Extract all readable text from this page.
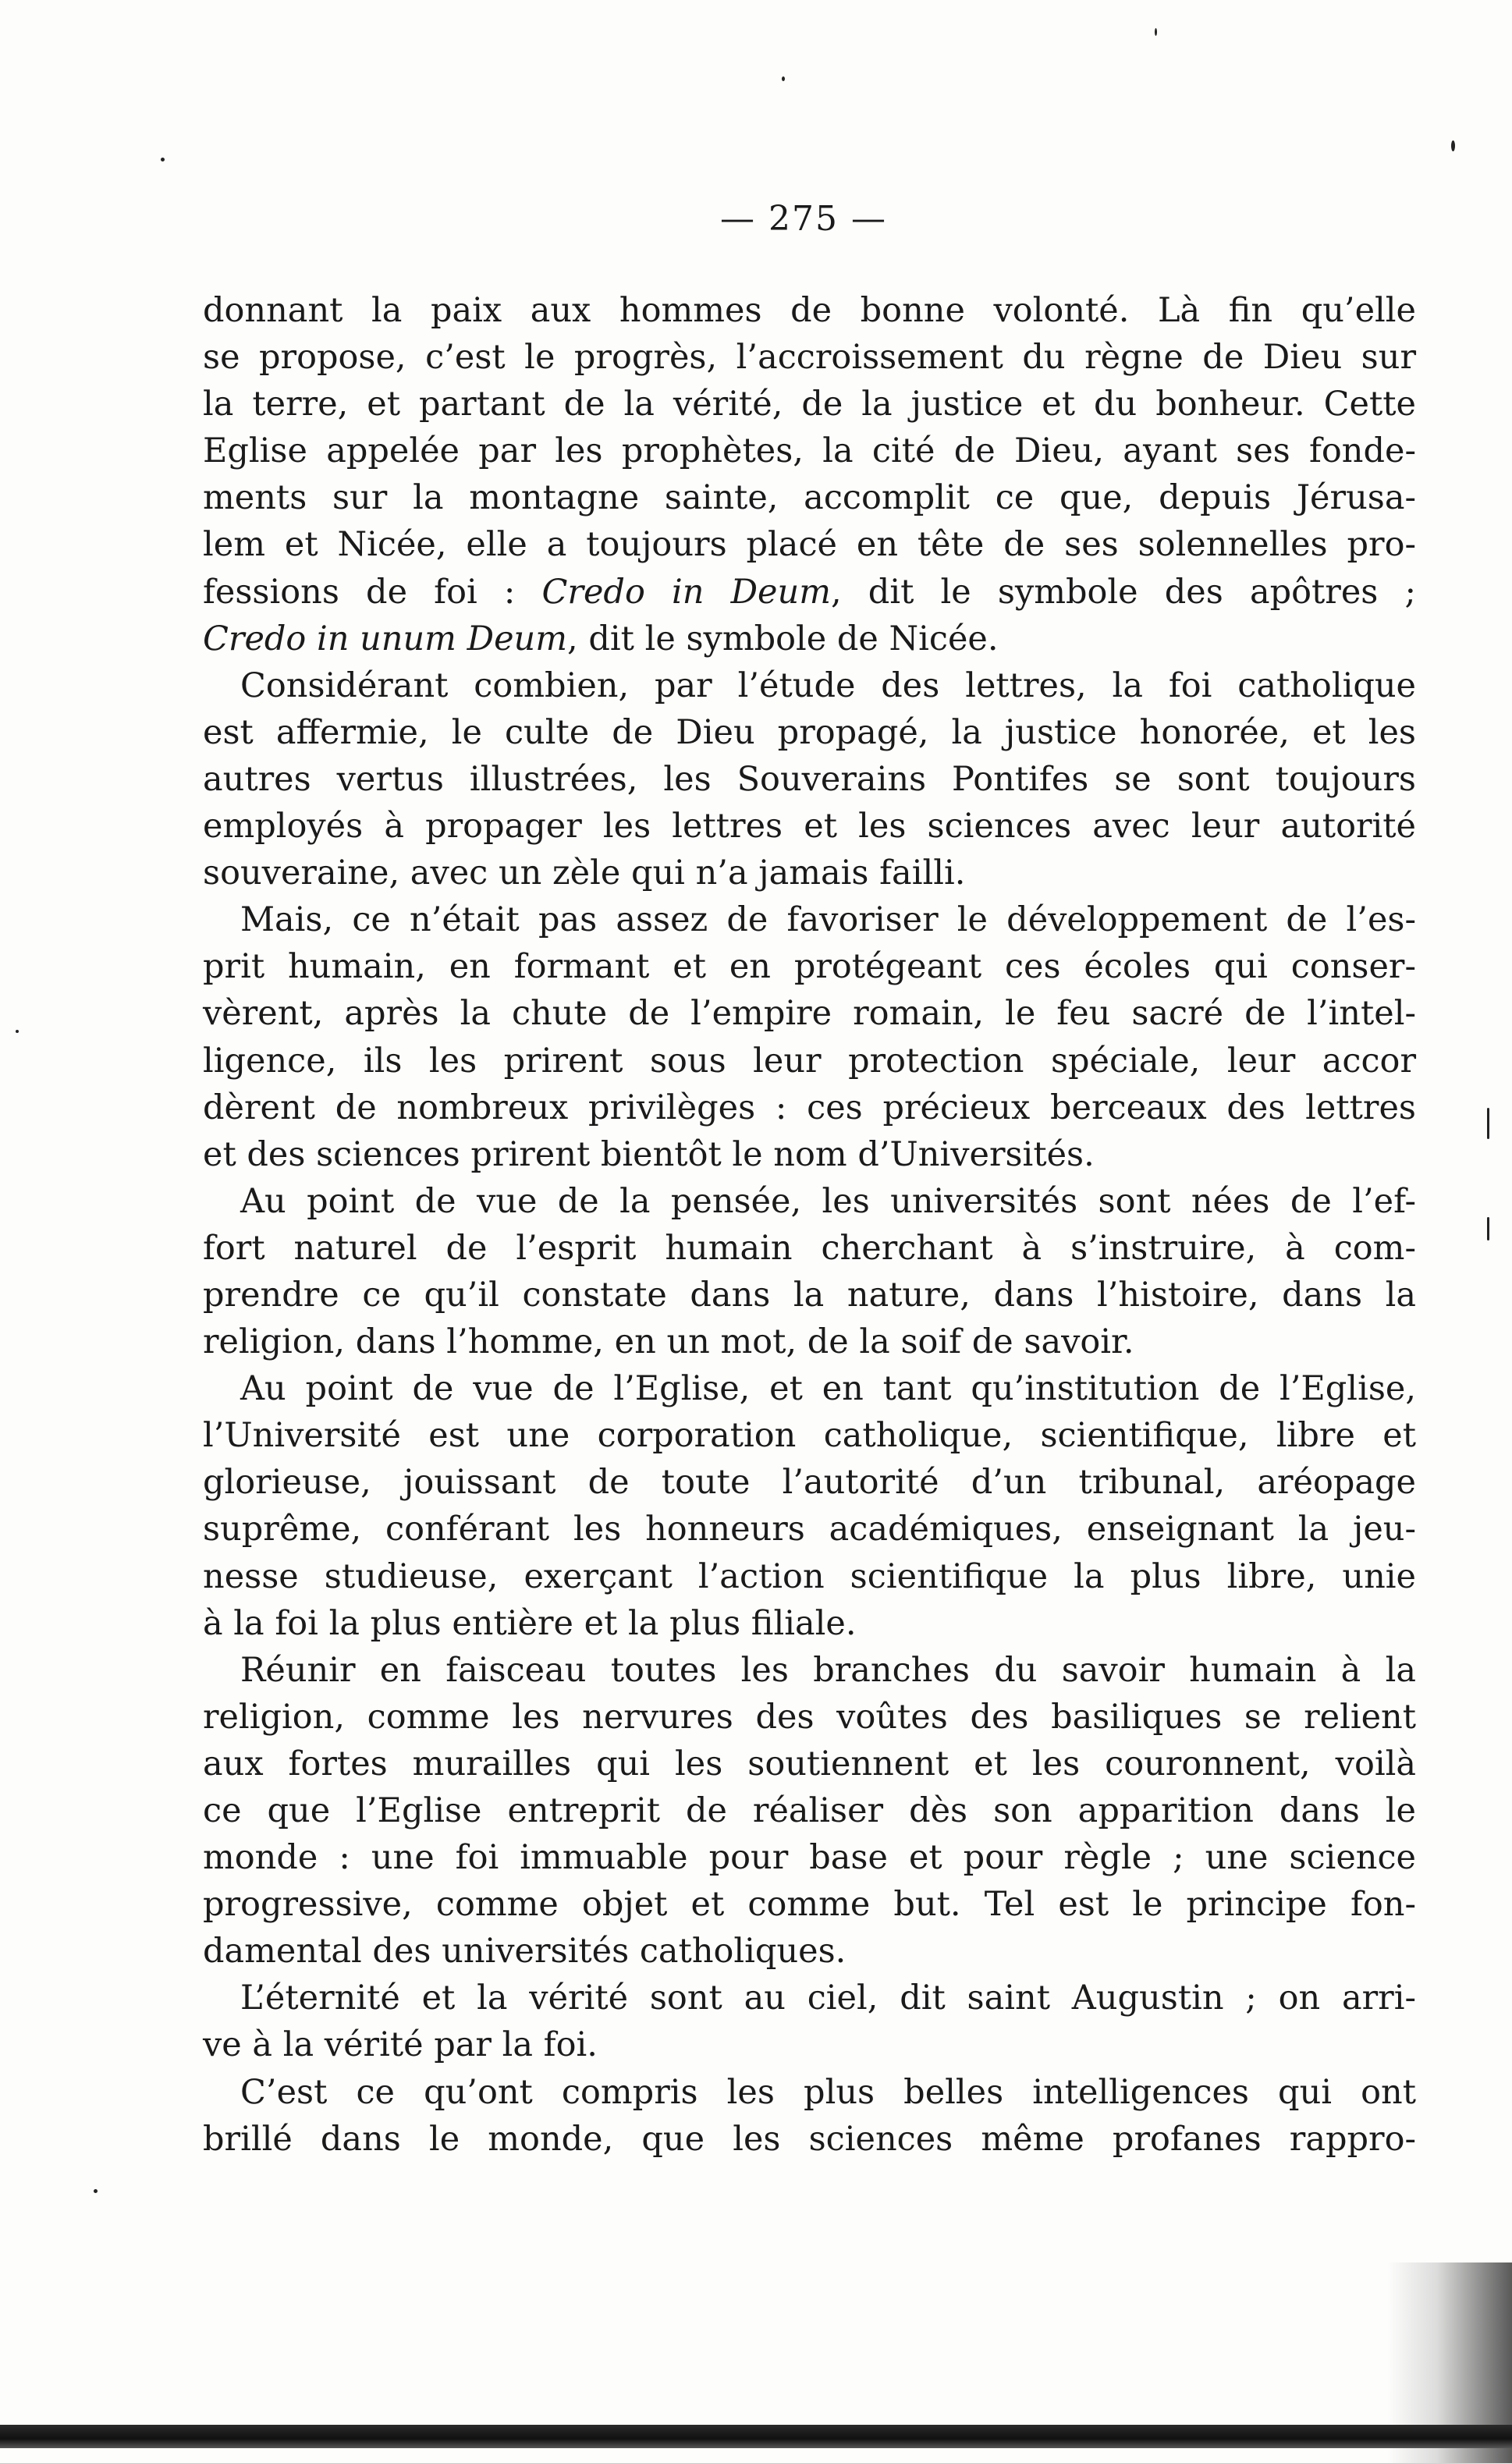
— 275 —
donnant la paix aux hommes de bonne volonté. Là fin qu’elle
se propose, c’est le progrès, l’accroissement du règne de Dieu sur
la terre, et partant de la vérité, de la justice et du bonheur. Cette
Eglise appelée par les prophètes, la cité de Dieu, ayant ses fonde-
ments sur la montagne sainte, accomplit ce que, depuis Jérusa-
lem et Nicée, elle a toujours placé en tête de ses solennelles pro-
fessions de foi : Credo in Deum, dit le symbole des apôtres ;
Credo in unum Deum, dit le symbole de Nicée.
Considérant combien, par l’étude des lettres, la foi catholique
est affermie, le culte de Dieu propagé, la justice honorée, et les
autres vertus illustrées, les Souverains Pontifes se sont toujours
employés à propager les lettres et les sciences avec leur autorité
souveraine, avec un zèle qui n’a jamais failli.
Mais, ce n’était pas assez de favoriser le développement de l’es-
prit humain, en formant et en protégeant ces écoles qui conser-
vèrent, après la chute de l’empire romain, le feu sacré de l’intel-
ligence, ils les prirent sous leur protection spéciale, leur accor
dèrent de nombreux privilèges : ces précieux berceaux des lettres
et des sciences prirent bientôt le nom d’Universités.
Au point de vue de la pensée, les universités sont nées de l’ef-
fort naturel de l’esprit humain cherchant à s’instruire, à com-
prendre ce qu’il constate dans la nature, dans l’histoire, dans la
religion, dans l’homme, en un mot, de la soif de savoir.
Au point de vue de l’Eglise, et en tant qu’institution de l’Eglise,
l’Université est une corporation catholique, scientifique, libre et
glorieuse, jouissant de toute l’autorité d’un tribunal, aréopage
suprême, conférant les honneurs académiques, enseignant la jeu-
nesse studieuse, exerçant l’action scientifique la plus libre, unie
à la foi la plus entière et la plus filiale.
Réunir en faisceau toutes les branches du savoir humain à la
religion, comme les nervures des voûtes des basiliques se relient
aux fortes murailles qui les soutiennent et les couronnent, voilà
ce que l’Eglise entreprit de réaliser dès son apparition dans le
monde : une foi immuable pour base et pour règle ; une science
progressive, comme objet et comme but. Tel est le principe fon-
damental des universités catholiques.
L’éternité et la vérité sont au ciel, dit saint Augustin ; on arri-
ve à la vérité par la foi.
C’est ce qu’ont compris les plus belles intelligences qui ont
brillé dans le monde, que les sciences même profanes rappro-
